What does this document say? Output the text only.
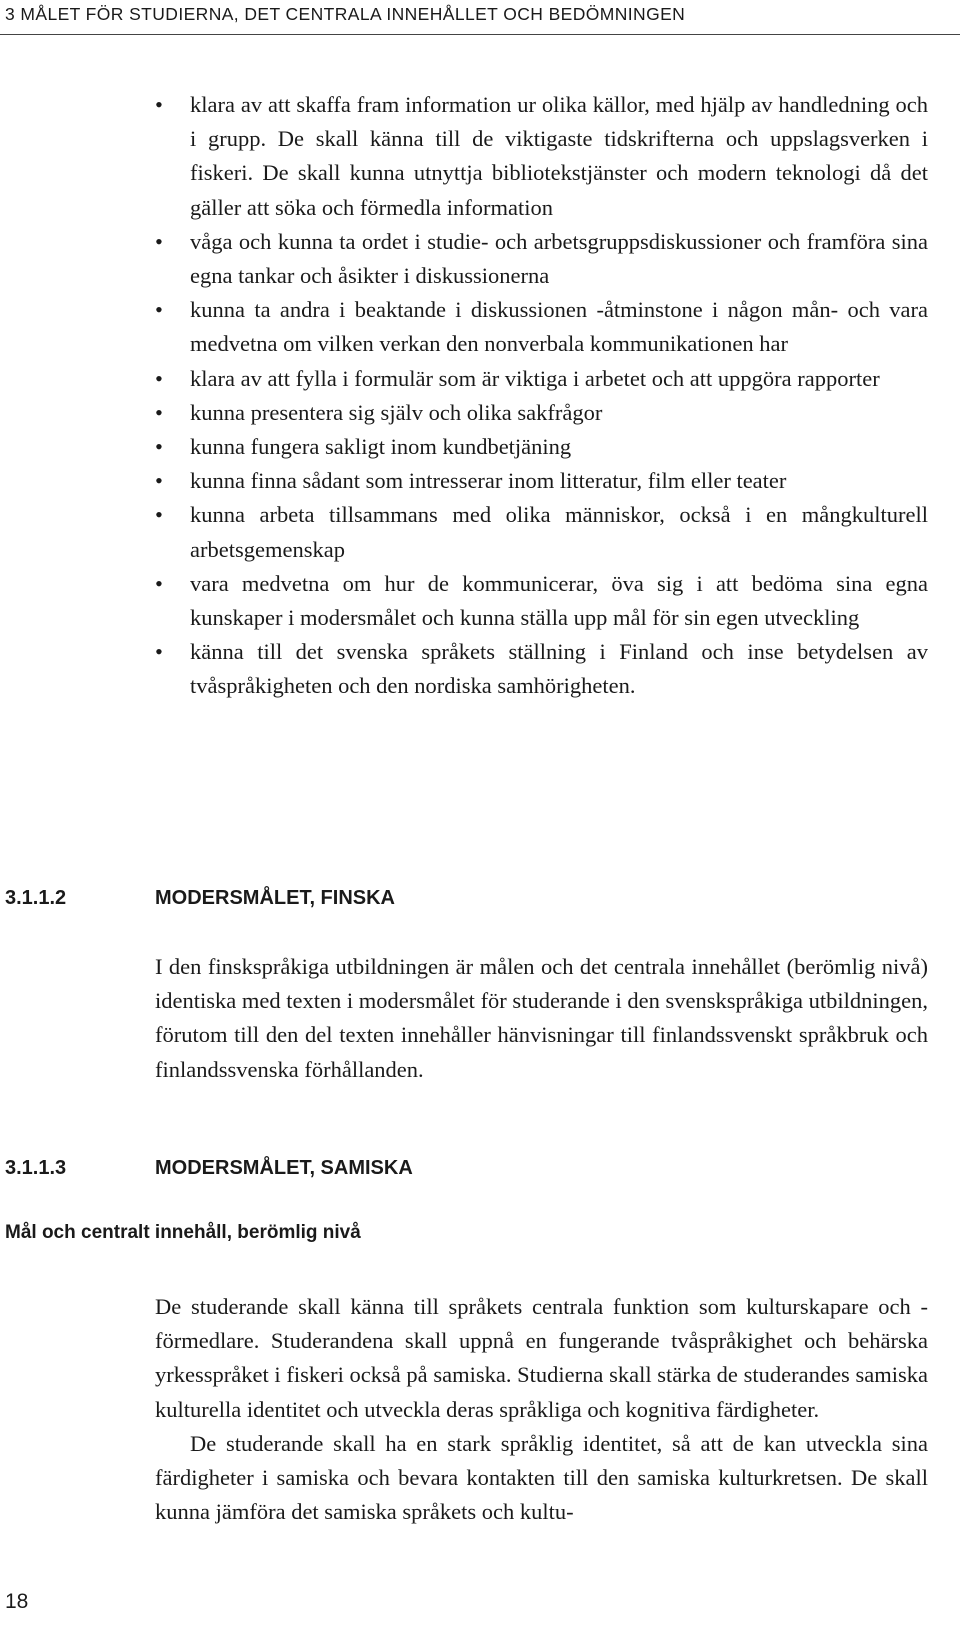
3 MÅLET FÖR STUDIERNA, DET CENTRALA INNEHÅLLET OCH BEDÖMNINGEN
• klara av att skaffa fram information ur olika källor, med hjälp av handledning och i grupp. De skall känna till de viktigaste tidskrifterna och uppslagsverken i fiskeri. De skall kunna utnyttja bibliotekstjänster och modern teknologi då det gäller att söka och förmedla information
• våga och kunna ta ordet i studie- och arbetsgruppsdiskussioner och framföra sina egna tankar och åsikter i diskussionerna
• kunna ta andra i beaktande i diskussionen -åtminstone i någon mån- och vara medvetna om vilken verkan den nonverbala kommunikationen har
• klara av att fylla i formulär som är viktiga i arbetet och att uppgöra rapporter
• kunna presentera sig själv och olika sakfrågor
• kunna fungera sakligt inom kundbetjäning
• kunna finna sådant som intresserar inom litteratur, film eller teater
• kunna arbeta tillsammans med olika människor, också i en mångkulturell arbetsgemenskap
• vara medvetna om hur de kommunicerar, öva sig i att bedöma sina egna kunskaper i modersmålet och kunna ställa upp mål för sin egen utveckling
• känna till det svenska språkets ställning i Finland och inse betydelsen av tvåspråkigheten och den nordiska samhörigheten.
3.1.1.2	MODERSMÅLET, FINSKA

I den finskspråkiga utbildningen är målen och det centrala innehållet (berömlig nivå) identiska med texten i modersmålet för studerande i den svenskspråkiga utbildningen, förutom till den del texten innehåller hänvisningar till finlandssvenskt språkbruk och finlandssvenska förhållanden.

3.1.1.3	MODERSMÅLET, SAMISKA
Mål och centralt innehåll, berömlig nivå

De studerande skall känna till språkets centrala funktion som kulturskapare och -förmedlare. Studerandena skall uppnå en fungerande tvåspråkighet och behärska yrkesspråket i fiskeri också på samiska. Studierna skall stärka de studerandes samiska kulturella identitet och utveckla deras språkliga och kognitiva färdigheter.

De studerande skall ha en stark språklig identitet, så att de kan utveckla sina färdigheter i samiska och bevara kontakten till den samiska kulturkretsen. De skall kunna jämföra det samiska språkets och kultu-

18
